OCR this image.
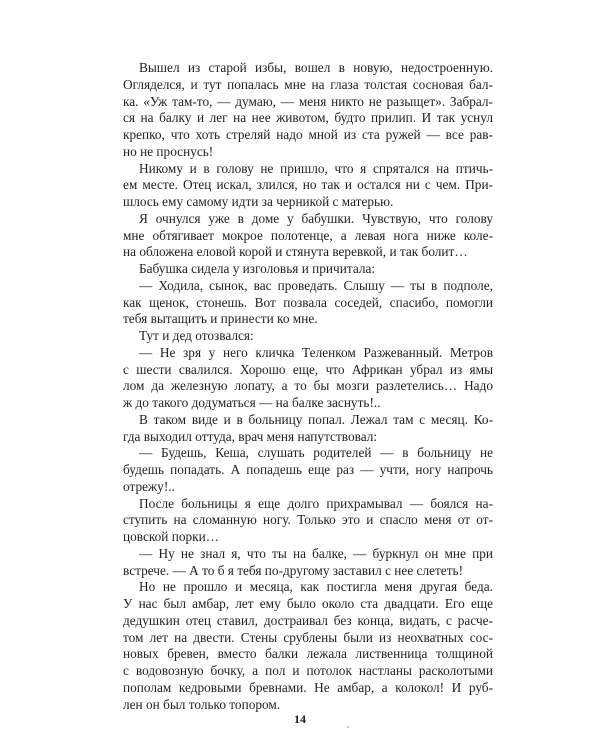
Вышел из старой избы, вошел в новую, недостроенную.
Огляделся, и тут попалась мне на глаза толстая сосновая бал-
ка. «Уж там-то, — думаю, — меня никто не разыщет». Забрал-
ся на балку и лег на нее животом, будто прилип. И так уснул
крепко, что хоть стреляй надо мной из ста ружей — все рав-
но не проснусь!
Никому и в голову не пришло, что я спрятался на птичь-
ем месте. Отец искал, злился, но так и остался ни с чем. При-
шлось ему самому идти за черникой с матерью.
Я очнулся уже в доме у бабушки. Чувствую, что голову
мне обтягивает мокрое полотенце, а левая нога ниже коле-
на обложена еловой корой и стянута веревкой, и так болит…
Бабушка сидела у изголовья и причитала:
— Ходила, сынок, вас проведать. Слышу — ты в подполе,
как щенок, стонешь. Вот позвала соседей, спасибо, помогли
тебя вытащить и принести ко мне.
Тут и дед отозвался:
— Не зря у него кличка Теленком Разжеванный. Метров
с шести свалился. Хорошо еще, что Африкан убрал из ямы
лом да железную лопату, а то бы мозги разлетелись… Надо
ж до такого додуматься — на балке заснуть!..
В таком виде и в больницу попал. Лежал там с месяц. Ко-
гда выходил оттуда, врач меня напутствовал:
— Будешь, Кеша, слушать родителей — в больницу не
будешь попадать. А попадешь еще раз — учти, ногу напрочь
отрежу!..
После больницы я еще долго прихрамывал — боялся на-
ступить на сломанную ногу. Только это и спасло меня от от-
цовской порки…
— Ну не знал я, что ты на балке, — буркнул он мне при
встрече. — А то б я тебя по-другому заставил с нее слететь!
Но не прошло и месяца, как постигла меня другая беда.
У нас был амбар, лет ему было около ста двадцати. Его еще
дедушкин отец ставил, достраивал без конца, видать, с расче-
том лет на двести. Стены срублены были из неохватных сос-
новых бревен, вместо балки лежала лиственница толщиной
с водовозную бочку, а пол и потолок настланы расколотыми
пополам кедровыми бревнами. Не амбар, а колокол! И руб-
лен он был только топором.
14
